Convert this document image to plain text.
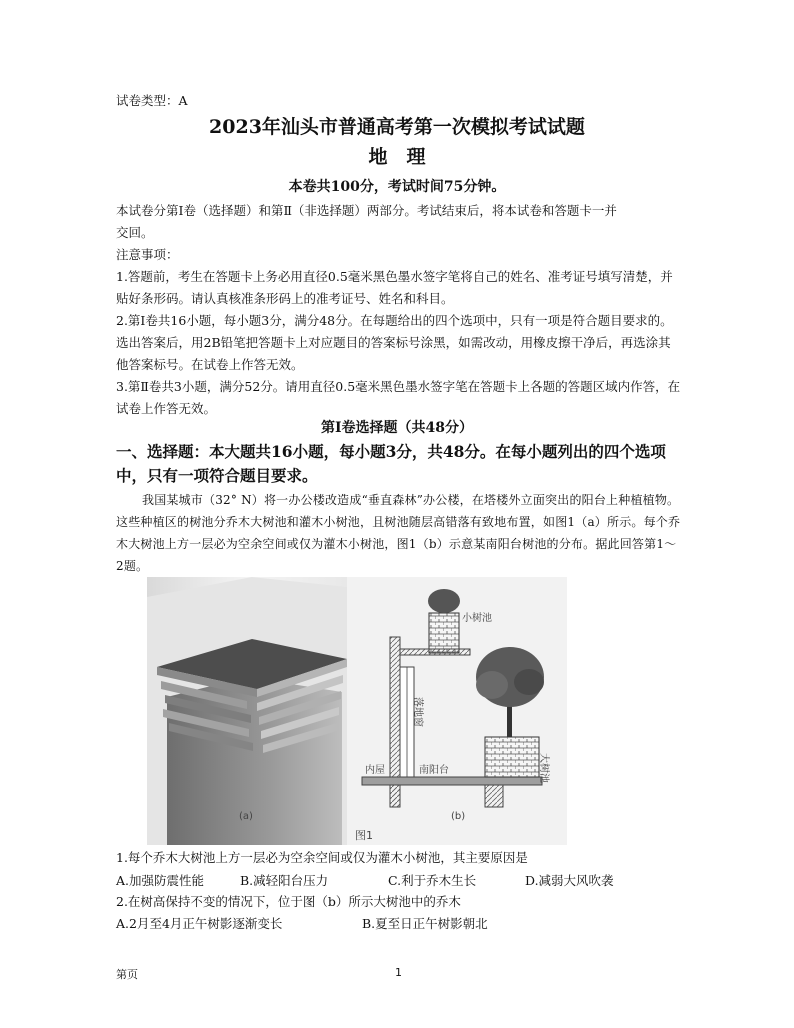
试卷类型：A
2023年汕头市普通高考第一次模拟考试试题
地　理
本卷共100分，考试时间75分钟。
本试卷分第Ⅰ卷（选择题）和第Ⅱ（非选择题）两部分。考试结束后，将本试卷和答题卡一并
交回。
注意事项：
1.答题前，考生在答题卡上务必用直径0.5毫米黑色墨水签字笔将自己的姓名、准考证号填写清楚，并贴好条形码。请认真核准条形码上的准考证号、姓名和科目。
2.第Ⅰ卷共16小题，每小题3分，满分48分。在每题给出的四个选项中，只有一项是符合题目要求的。选出答案后，用2B铅笔把答题卡上对应题目的答案标号涂黑，如需改动，用橡皮擦干净后，再选涂其他答案标号。在试卷上作答无效。
3.第Ⅱ卷共3小题，满分52分。请用直径0.5毫米黑色墨水签字笔在答题卡上各题的答题区域内作答，在试卷上作答无效。
第Ⅰ卷选择题（共48分）
一、选择题：本大题共16小题，每小题3分，共48分。在每小题列出的四个选项中，只有一项符合题目要求。
我国某城市（32° N）将一办公楼改造成“垂直森林”办公楼，在塔楼外立面突出的阳台上种植植物。这些种植区的树池分乔木大树池和灌木小树池，且树池随层高错落有致地布置，如图1（a）所示。每个乔木大树池上方一层必为空余空间或仅为灌木小树池，图1（b）示意某南阳台树池的分布。据此回答第1～2题。
(a)
小树池
落地窗
大树池
内屋	南阳台
(b)
图1
1.每个乔木大树池上方一层必为空余空间或仅为灌木小树池，其主要原因是
A.加强防震性能	B.减轻阳台压力	C.利于乔木生长	D.减弱大风吹袭
2.在树高保持不变的情况下，位于图（b）所示大树池中的乔木
A.2月至4月正午树影逐渐变长	B.夏至日正午树影朝北
第页	1
